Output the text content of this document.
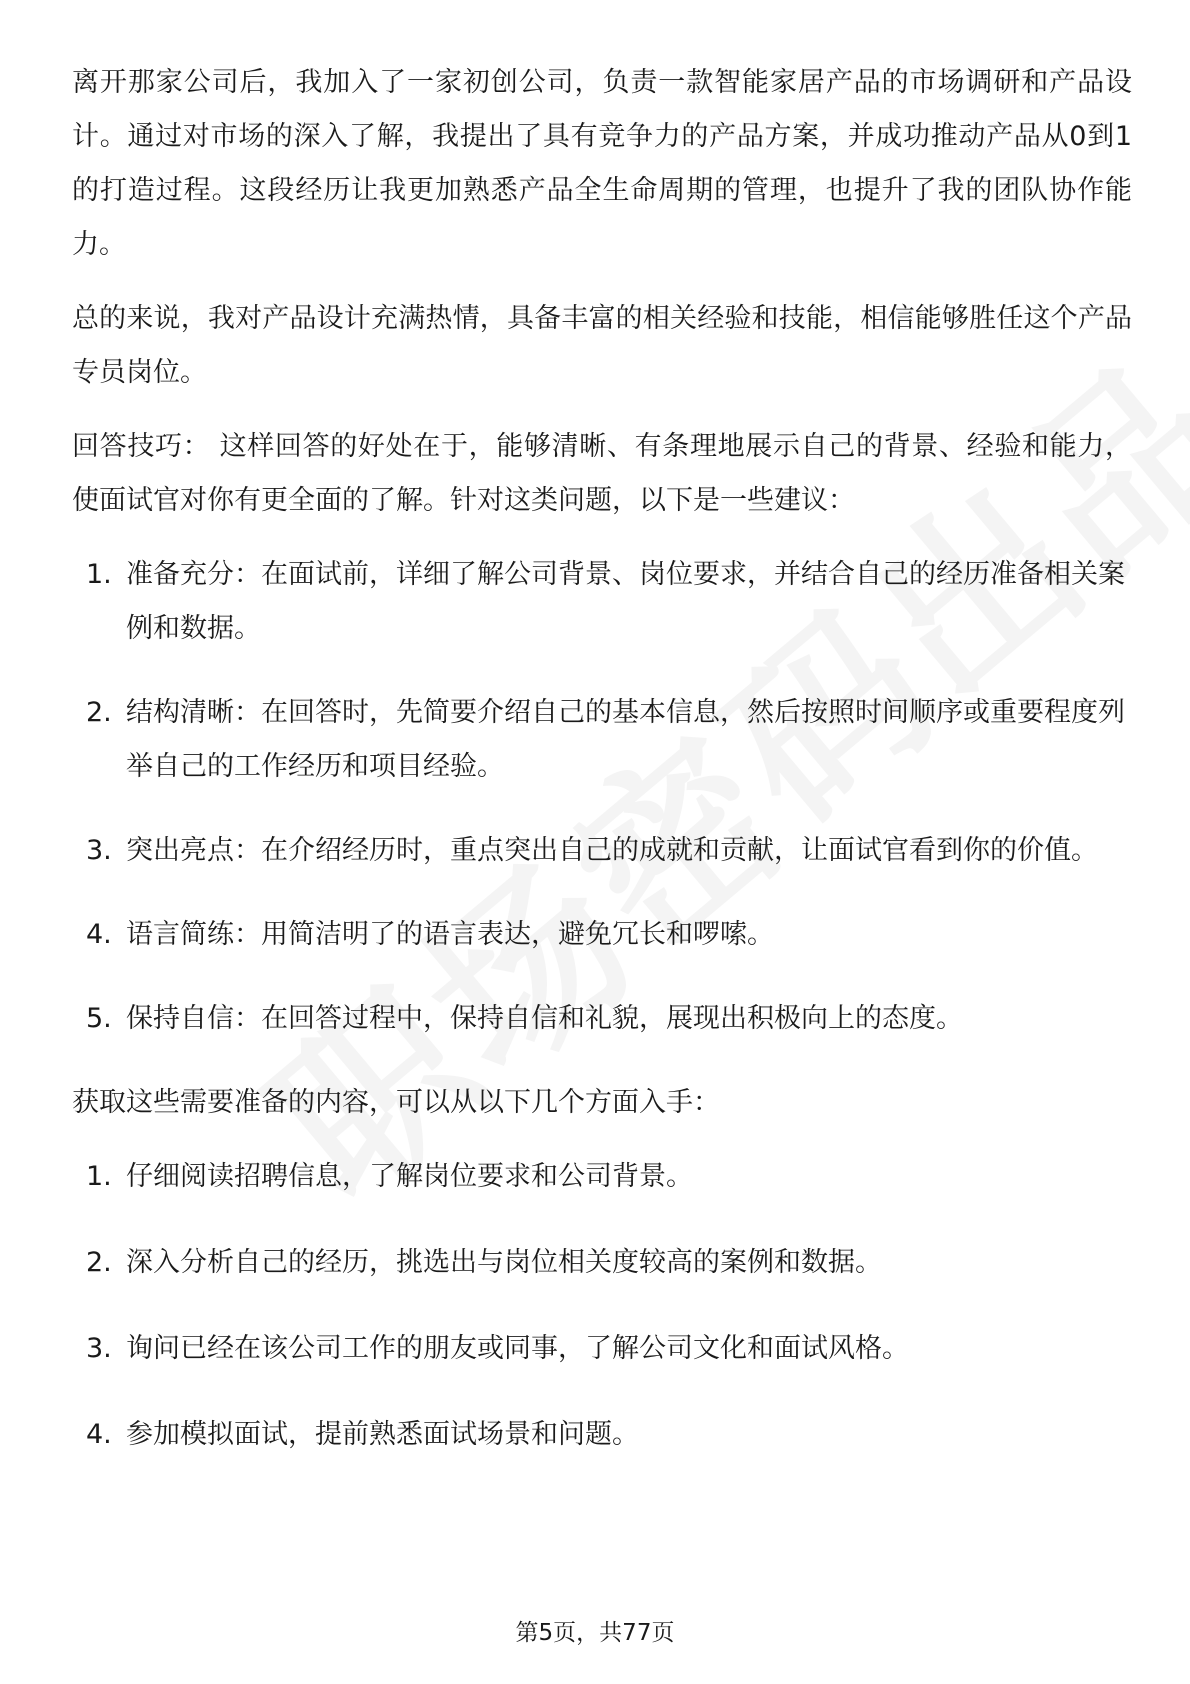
离开那家公司后，我加入了一家初创公司，负责一款智能家居产品的市场调研和产品设计。通过对市场的深入了解，我提出了具有竞争力的产品方案，并成功推动产品从0到1的打造过程。这段经历让我更加熟悉产品全生命周期的管理，也提升了我的团队协作能力。

总的来说，我对产品设计充满热情，具备丰富的相关经验和技能，相信能够胜任这个产品专员岗位。

回答技巧： 这样回答的好处在于，能够清晰、有条理地展示自己的背景、经验和能力，使面试官对你有更全面的了解。针对这类问题，以下是一些建议：

1. 准备充分：在面试前，详细了解公司背景、岗位要求，并结合自己的经历准备相关案例和数据。
2. 结构清晰：在回答时，先简要介绍自己的基本信息，然后按照时间顺序或重要程度列举自己的工作经历和项目经验。
3. 突出亮点：在介绍经历时，重点突出自己的成就和贡献，让面试官看到你的价值。
4. 语言简练：用简洁明了的语言表达，避免冗长和啰嗦。
5. 保持自信：在回答过程中，保持自信和礼貌，展现出积极向上的态度。

获取这些需要准备的内容，可以从以下几个方面入手：

1. 仔细阅读招聘信息，了解岗位要求和公司背景。
2. 深入分析自己的经历，挑选出与岗位相关度较高的案例和数据。
3. 询问已经在该公司工作的朋友或同事，了解公司文化和面试风格。
4. 参加模拟面试，提前熟悉面试场景和问题。
第5页，共77页
